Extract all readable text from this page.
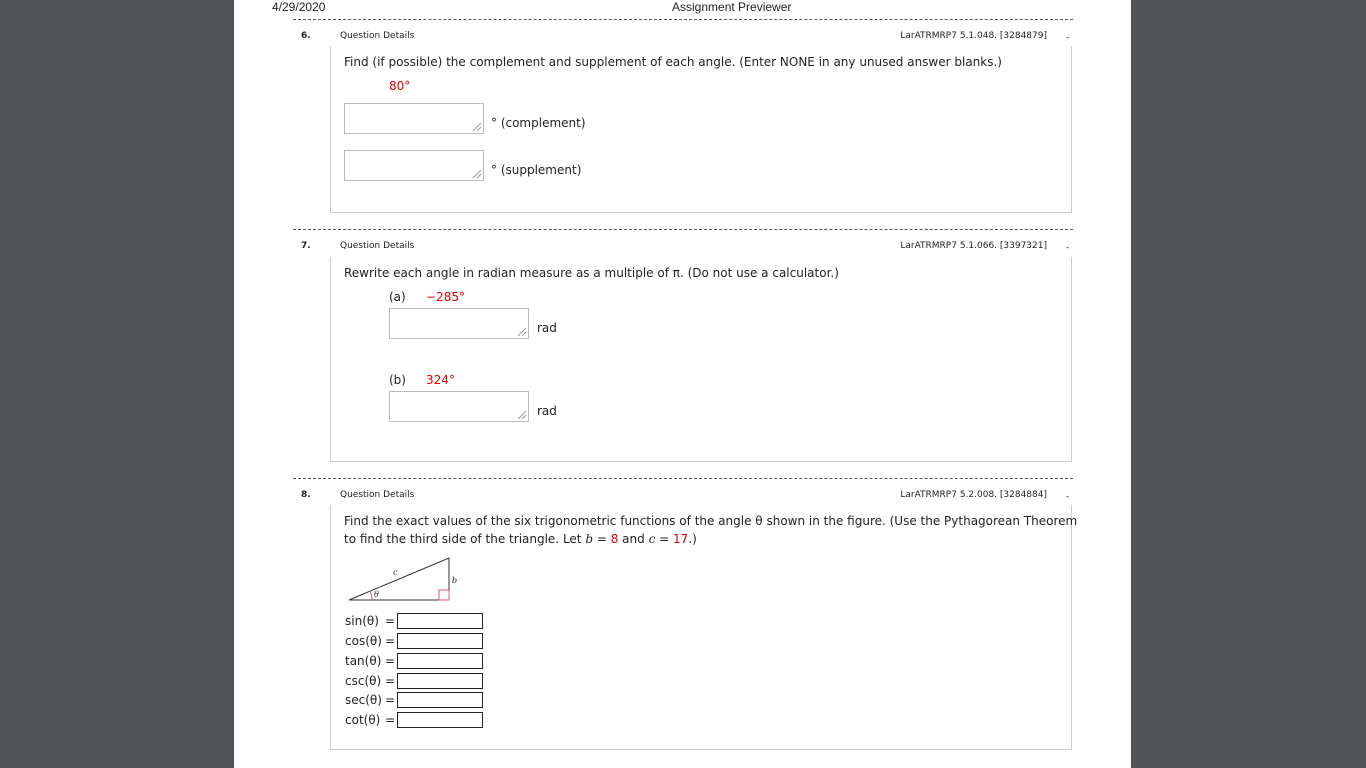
4/29/2020	Assignment Previewer
6.	Question Details	LarATRMRP7 5.1.048. [3284879] -
Find (if possible) the complement and supplement of each angle. (Enter NONE in any unused answer blanks.)
80°
° (complement)
° (supplement)
7.	Question Details	LarATRMRP7 5.1.066. [3397321] -
Rewrite each angle in radian measure as a multiple of π. (Do not use a calculator.)
(a) −285°
rad
(b) 324°
rad
8.	Question Details	LarATRMRP7 5.2.008. [3284884] -
Find the exact values of the six trigonometric functions of the angle θ shown in the figure. (Use the Pythagorean Theorem
to find the third side of the triangle. Let b = 8 and c = 17.)
c
b
θ
sin(θ) =
cos(θ) =
tan(θ) =
csc(θ) =
sec(θ) =
cot(θ) =
